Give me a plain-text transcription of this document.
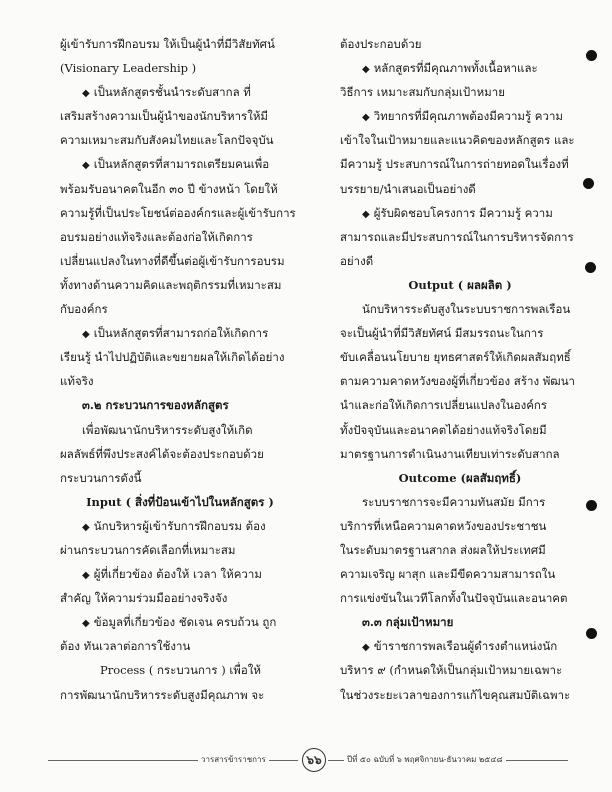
ผู้เข้ารับการฝึกอบรม ให้เป็นผู้นำที่มีวิสัยทัศน์
(Visionary Leadership )
◆ เป็นหลักสูตรชั้นนำระดับสากล ที่
เสริมสร้างความเป็นผู้นำของนักบริหารให้มี
ความเหมาะสมกับสังคมไทยและโลกปัจจุบัน
◆ เป็นหลักสูตรที่สามารถเตรียมคนเพื่อ
พร้อมรับอนาคตในอีก ๓๐ ปี ข้างหน้า โดยให้
ความรู้ที่เป็นประโยชน์ต่อองค์กรและผู้เข้ารับการ
อบรมอย่างแท้จริงและต้องก่อให้เกิดการ
เปลี่ยนแปลงในทางที่ดีขึ้นต่อผู้เข้ารับการอบรม
ทั้งทางด้านความคิดและพฤติกรรมที่เหมาะสม
กับองค์กร
◆ เป็นหลักสูตรที่สามารถก่อให้เกิดการ
เรียนรู้ นำไปปฏิบัติและขยายผลให้เกิดได้อย่าง
แท้จริง
๓.๒ กระบวนการของหลักสูตร
เพื่อพัฒนานักบริหารระดับสูงให้เกิด
ผลลัพธ์ที่พึงประสงค์ได้จะต้องประกอบด้วย
กระบวนการดังนี้
Input ( สิ่งที่ป้อนเข้าไปในหลักสูตร )
◆ นักบริหารผู้เข้ารับการฝึกอบรม ต้อง
ผ่านกระบวนการคัดเลือกที่เหมาะสม
◆ ผู้ที่เกี่ยวข้อง ต้องให้ เวลา ให้ความ
สำคัญ ให้ความร่วมมืออย่างจริงจัง
◆ ข้อมูลที่เกี่ยวข้อง ชัดเจน ครบถ้วน ถูก
ต้อง ทันเวลาต่อการใช้งาน
Process ( กระบวนการ ) เพื่อให้
การพัฒนานักบริหารระดับสูงมีคุณภาพ จะ
ต้องประกอบด้วย
◆ หลักสูตรที่มีคุณภาพทั้งเนื้อหาและ
วิธีการ เหมาะสมกับกลุ่มเป้าหมาย
◆ วิทยากรที่มีคุณภาพต้องมีความรู้ ความ
เข้าใจในเป้าหมายและแนวคิดของหลักสูตร และ
มีความรู้ ประสบการณ์ในการถ่ายทอดในเรื่องที่
บรรยาย/นำเสนอเป็นอย่างดี
◆ ผู้รับผิดชอบโครงการ มีความรู้ ความ
สามารถและมีประสบการณ์ในการบริหารจัดการ
อย่างดี
Output ( ผลผลิต )
นักบริหารระดับสูงในระบบราชการพลเรือน
จะเป็นผู้นำที่มีวิสัยทัศน์ มีสมรรถนะในการ
ขับเคลื่อนนโยบาย ยุทธศาสตร์ให้เกิดผลสัมฤทธิ์
ตามความคาดหวังของผู้ที่เกี่ยวข้อง สร้าง พัฒนา
นำและก่อให้เกิดการเปลี่ยนแปลงในองค์กร
ทั้งปัจจุบันและอนาคตได้อย่างแท้จริงโดยมี
มาตรฐานการดำเนินงานเทียบเท่าระดับสากล
Outcome (ผลสัมฤทธิ์)
ระบบราชการจะมีความทันสมัย มีการ
บริการที่เหนือความคาดหวังของประชาชน
ในระดับมาตรฐานสากล ส่งผลให้ประเทศมี
ความเจริญ ผาสุก และมีขีดความสามารถใน
การแข่งขันในเวทีโลกทั้งในปัจจุบันและอนาคต
๓.๓ กลุ่มเป้าหมาย
◆ ข้าราชการพลเรือนผู้ดำรงตำแหน่งนัก
บริหาร ๙ (กำหนดให้เป็นกลุ่มเป้าหมายเฉพาะ
ในช่วงระยะเวลาของการแก้ไขคุณสมบัติเฉพาะ
วารสารข้าราชการ	๖๖	ปีที่ ๕๐ ฉบับที่ ๖ พฤศจิกายน-ธันวาคม ๒๕๔๘
